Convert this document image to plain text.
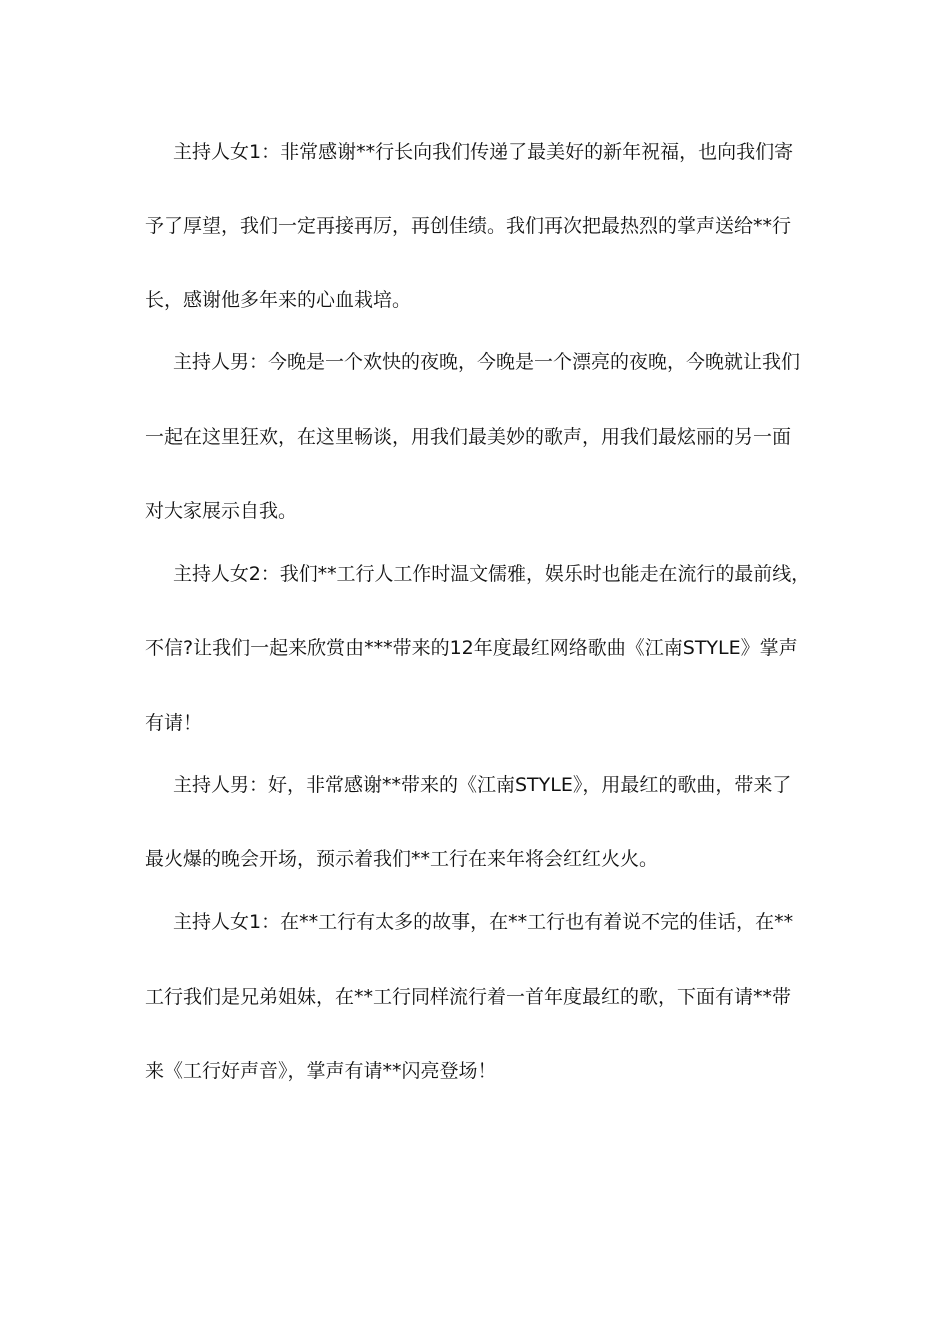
主持人女1：非常感谢**行长向我们传递了最美好的新年祝福，也向我们寄
予了厚望，我们一定再接再厉，再创佳绩。我们再次把最热烈的掌声送给**行
长，感谢他多年来的心血栽培。
主持人男：今晚是一个欢快的夜晚，今晚是一个漂亮的夜晚，今晚就让我们
一起在这里狂欢，在这里畅谈，用我们最美妙的歌声，用我们最炫丽的另一面
对大家展示自我。
主持人女2：我们**工行人工作时温文儒雅，娱乐时也能走在流行的最前线，
不信?让我们一起来欣赏由***带来的12年度最红网络歌曲《江南STYLE》掌声
有请！
主持人男：好，非常感谢**带来的《江南STYLE》，用最红的歌曲，带来了
最火爆的晚会开场，预示着我们**工行在来年将会红红火火。
主持人女1：在**工行有太多的故事，在**工行也有着说不完的佳话，在**
工行我们是兄弟姐妹，在**工行同样流行着一首年度最红的歌，下面有请**带
来《工行好声音》，掌声有请**闪亮登场！
